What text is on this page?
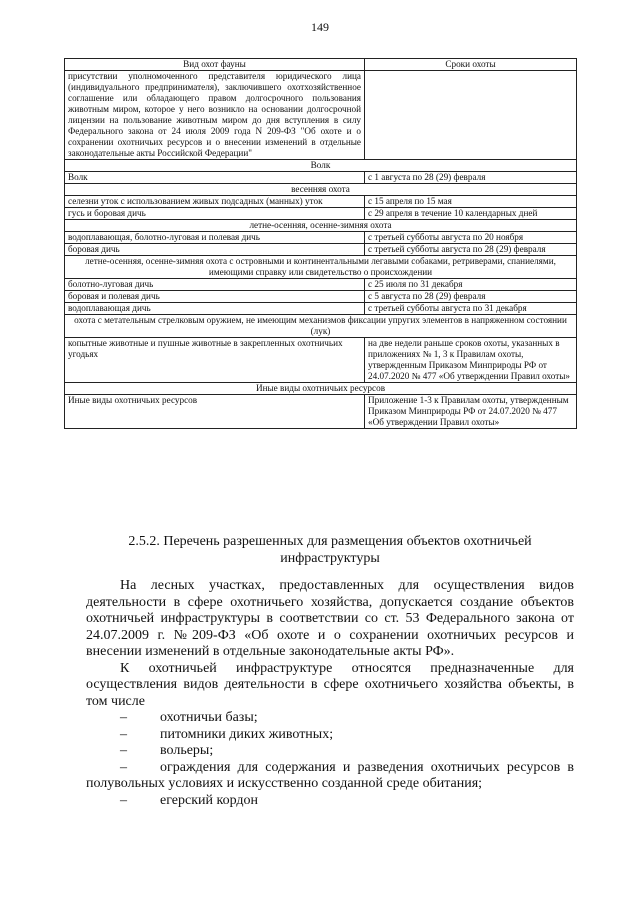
149
Вид охот фауны	Сроки охоты
присутствии уполномоченного представителя юридического лица (индивидуального предпринимателя), заключившего охотхозяйственное соглашение или обладающего правом долгосрочного пользования животным миром, которое у него возникло на основании долгосрочной лицензии на пользование животным миром до дня вступления в силу Федерального закона от 24 июля 2009 года N 209-ФЗ "Об охоте и о сохранении охотничьих ресурсов и о внесении изменений в отдельные законодательные акты Российской Федерации"	
Волк	
Волк	с 1 августа по 28 (29) февраля
весенняя охота	
селезни уток с использованием живых подсадных (манных) уток	с 15 апреля по 15 мая
гусь и боровая дичь	с 29 апреля в течение 10 календарных дней
летне-осенняя, осенне-зимняя охота	
водоплавающая, болотно-луговая и полевая дичь	с третьей субботы августа по 20 ноября
боровая дичь	с третьей субботы августа по 28 (29) февраля
летне-осенняя, осенне-зимняя охота с островными и континентальными легавыми собаками, ретриверами, спаниелями, имеющими справку или свидетельство о происхождении	
болотно-луговая дичь	с 25 июля по 31 декабря
боровая и полевая дичь	с 5 августа по 28 (29) февраля
водоплавающая дичь	с третьей субботы августа по 31 декабря
охота с метательным стрелковым оружием, не имеющим механизмов фиксации упругих элементов в напряженном состоянии (лук)	
копытные животные и пушные животные в закрепленных охотничьих угодьях	на две недели раньше сроков охоты, указанных в приложениях № 1, 3 к Правилам охоты, утвержденным Приказом Минприроды РФ от 24.07.2020 № 477 «Об утверждении Правил охоты»
Иные виды охотничьих ресурсов	
Иные виды охотничьих ресурсов	Приложение 1-3 к Правилам охоты, утвержденным Приказом Минприроды РФ от 24.07.2020 № 477 «Об утверждении Правил охоты»
2.5.2. Перечень разрешенных для размещения объектов охотничьей инфраструктуры

На лесных участках, предоставленных для осуществления видов деятельности в сфере охотничьего хозяйства, допускается создание объектов охотничьей инфраструктуры в соответствии со ст. 53 Федерального закона от 24.07.2009 г. №209-ФЗ «Об охоте и о сохранении охотничьих ресурсов и внесении изменений в отдельные законодательные акты РФ».

К охотничьей инфраструктуре относятся предназначенные для осуществления видов деятельности в сфере охотничьего хозяйства объекты, в том числе

– охотничьи базы;
– питомники диких животных;
– вольеры;
– ограждения для содержания и разведения охотничьих ресурсов в полувольных условиях и искусственно созданной среде обитания;
– егерский кордон
